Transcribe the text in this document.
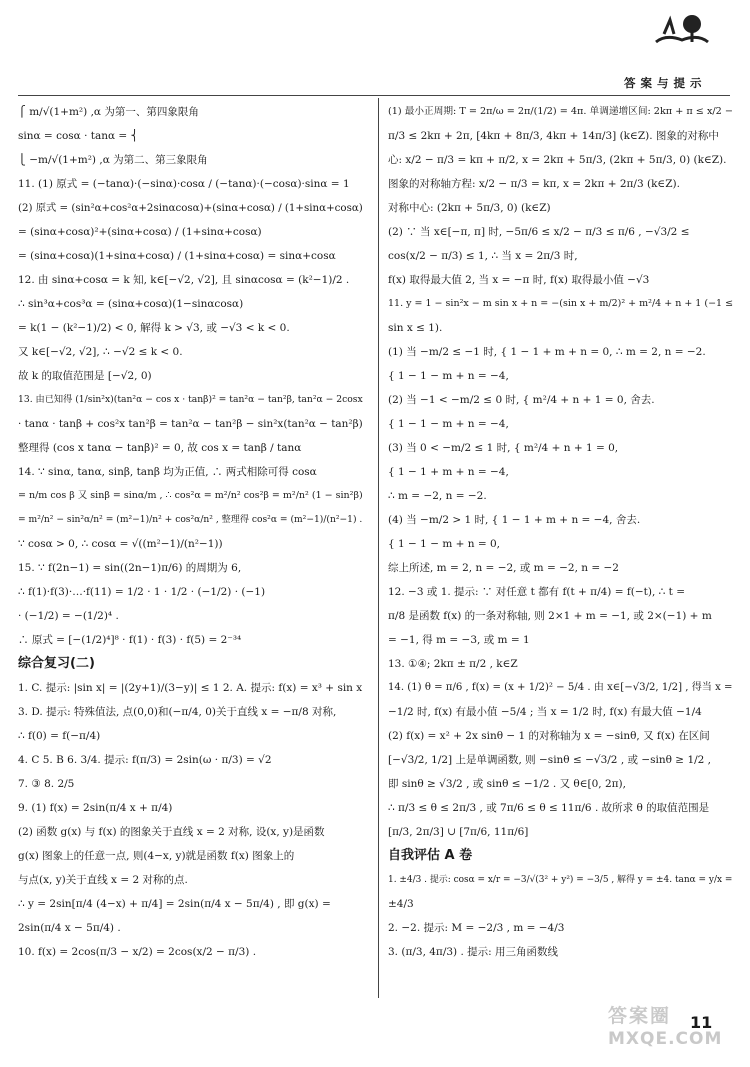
答案与提示
⎧ m/√(1+m²) ,α 为第一、第四象限角
sinα = cosα · tanα = ⎨
⎩ −m/√(1+m²) ,α 为第二、第三象限角
11. (1) 原式 = (−tanα)·(−sinα)·cosα / (−tanα)·(−cosα)·sinα = 1
(2) 原式 = (sin²α+cos²α+2sinαcosα)+(sinα+cosα) / (1+sinα+cosα)
= (sinα+cosα)²+(sinα+cosα) / (1+sinα+cosα)
= (sinα+cosα)(1+sinα+cosα) / (1+sinα+cosα) = sinα+cosα
12. 由 sinα+cosα = k 知, k∈[−√2, √2], 且 sinαcosα = (k²−1)/2 .
∴ sin³α+cos³α = (sinα+cosα)(1−sinαcosα)
= k(1 − (k²−1)/2) < 0, 解得 k > √3, 或 −√3 < k < 0.
又 k∈[−√2, √2], ∴ −√2 ≤ k < 0.
故 k 的取值范围是 [−√2, 0)
13. 由已知得 (1/sin²x)(tan²α − cos x · tanβ)² = tan²α − tan²β, tan²α − 2cosx
· tanα · tanβ + cos²x tan²β = tan²α − tan²β − sin²x(tan²α − tan²β)
整理得 (cos x tanα − tanβ)² = 0, 故 cos x = tanβ / tanα
14. ∵ sinα, tanα, sinβ, tanβ 均为正值, ∴ 两式相除可得 cosα
= n/m cos β 又 sinβ = sinα/m , ∴ cos²α = m²/n² cos²β = m²/n² (1 − sin²β)
= m²/n² − sin²α/n² = (m²−1)/n² + cos²α/n² , 整理得 cos²α = (m²−1)/(n²−1) .
∵ cosα > 0, ∴ cosα = √((m²−1)/(n²−1))
15. ∵ f(2n−1) = sin((2n−1)π/6) 的周期为 6,
∴ f(1)·f(3)·…·f(11) = 1/2 · 1 · 1/2 · (−1/2) · (−1)
· (−1/2) = −(1/2)⁴ .
∴ 原式 = [−(1/2)⁴]⁸ · f(1) · f(3) · f(5) = 2⁻³⁴
综合复习(二)
1. C. 提示: |sin x| = |(2y+1)/(3−y)| ≤ 1 2. A. 提示: f(x) = x³ + sin x
3. D. 提示: 特殊值法, 点(0,0)和(−π/4, 0)关于直线 x = −π/8 对称,
∴ f(0) = f(−π/4)
4. C 5. B 6. 3/4. 提示: f(π/3) = 2sin(ω · π/3) = √2
7. ③ 8. 2/5
9. (1) f(x) = 2sin(π/4 x + π/4)
(2) 函数 g(x) 与 f(x) 的图象关于直线 x = 2 对称, 设(x, y)是函数
g(x) 图象上的任意一点, 则(4−x, y)就是函数 f(x) 图象上的
与点(x, y)关于直线 x = 2 对称的点.
∴ y = 2sin[π/4 (4−x) + π/4] = 2sin(π/4 x − 5π/4) , 即 g(x) =
2sin(π/4 x − 5π/4) .
10. f(x) = 2cos(π/3 − x/2) = 2cos(x/2 − π/3) .
(1) 最小正周期: T = 2π/ω = 2π/(1/2) = 4π. 单调递增区间: 2kπ + π ≤ x/2 −
π/3 ≤ 2kπ + 2π, [4kπ + 8π/3, 4kπ + 14π/3] (k∈Z). 图象的对称中
心: x/2 − π/3 = kπ + π/2, x = 2kπ + 5π/3, (2kπ + 5π/3, 0) (k∈Z).
图象的对称轴方程: x/2 − π/3 = kπ, x = 2kπ + 2π/3 (k∈Z).
对称中心: (2kπ + 5π/3, 0) (k∈Z)
(2) ∵ 当 x∈[−π, π] 时, −5π/6 ≤ x/2 − π/3 ≤ π/6 , −√3/2 ≤
cos(x/2 − π/3) ≤ 1, ∴ 当 x = 2π/3 时,
f(x) 取得最大值 2, 当 x = −π 时, f(x) 取得最小值 −√3
11. y = 1 − sin²x − m sin x + n = −(sin x + m/2)² + m²/4 + n + 1 (−1 ≤
sin x ≤ 1).
(1) 当 −m/2 ≤ −1 时, { 1 − 1 + m + n = 0, ∴ m = 2, n = −2.
{ 1 − 1 − m + n = −4,
(2) 当 −1 < −m/2 ≤ 0 时, { m²/4 + n + 1 = 0, 舍去.
{ 1 − 1 − m + n = −4,
(3) 当 0 < −m/2 ≤ 1 时, { m²/4 + n + 1 = 0,
{ 1 − 1 + m + n = −4,
∴ m = −2, n = −2.
(4) 当 −m/2 > 1 时, { 1 − 1 + m + n = −4, 舍去.
{ 1 − 1 − m + n = 0,
综上所述, m = 2, n = −2, 或 m = −2, n = −2
12. −3 或 1. 提示: ∵ 对任意 t 都有 f(t + π/4) = f(−t), ∴ t =
π/8 是函数 f(x) 的一条对称轴, 则 2×1 + m = −1, 或 2×(−1) + m
= −1, 得 m = −3, 或 m = 1
13. ①④; 2kπ ± π/2 , k∈Z
14. (1) θ = π/6 , f(x) = (x + 1/2)² − 5/4 . 由 x∈[−√3/2, 1/2] , 得当 x =
−1/2 时, f(x) 有最小值 −5/4 ; 当 x = 1/2 时, f(x) 有最大值 −1/4
(2) f(x) = x² + 2x sinθ − 1 的对称轴为 x = −sinθ, 又 f(x) 在区间
[−√3/2, 1/2] 上是单调函数, 则 −sinθ ≤ −√3/2 , 或 −sinθ ≥ 1/2 ,
即 sinθ ≥ √3/2 , 或 sinθ ≤ −1/2 . 又 θ∈[0, 2π),
∴ π/3 ≤ θ ≤ 2π/3 , 或 7π/6 ≤ θ ≤ 11π/6 . 故所求 θ 的取值范围是
[π/3, 2π/3] ∪ [7π/6, 11π/6]
自我评估 A 卷
1. ±4/3 . 提示: cosα = x/r = −3/√(3² + y²) = −3/5 , 解得 y = ±4. tanα = y/x =
±4/3
2. −2. 提示: M = −2/3 , m = −4/3
3. (π/3, 4π/3) . 提示: 用三角函数线
答案圈
MXQE.COM
11
